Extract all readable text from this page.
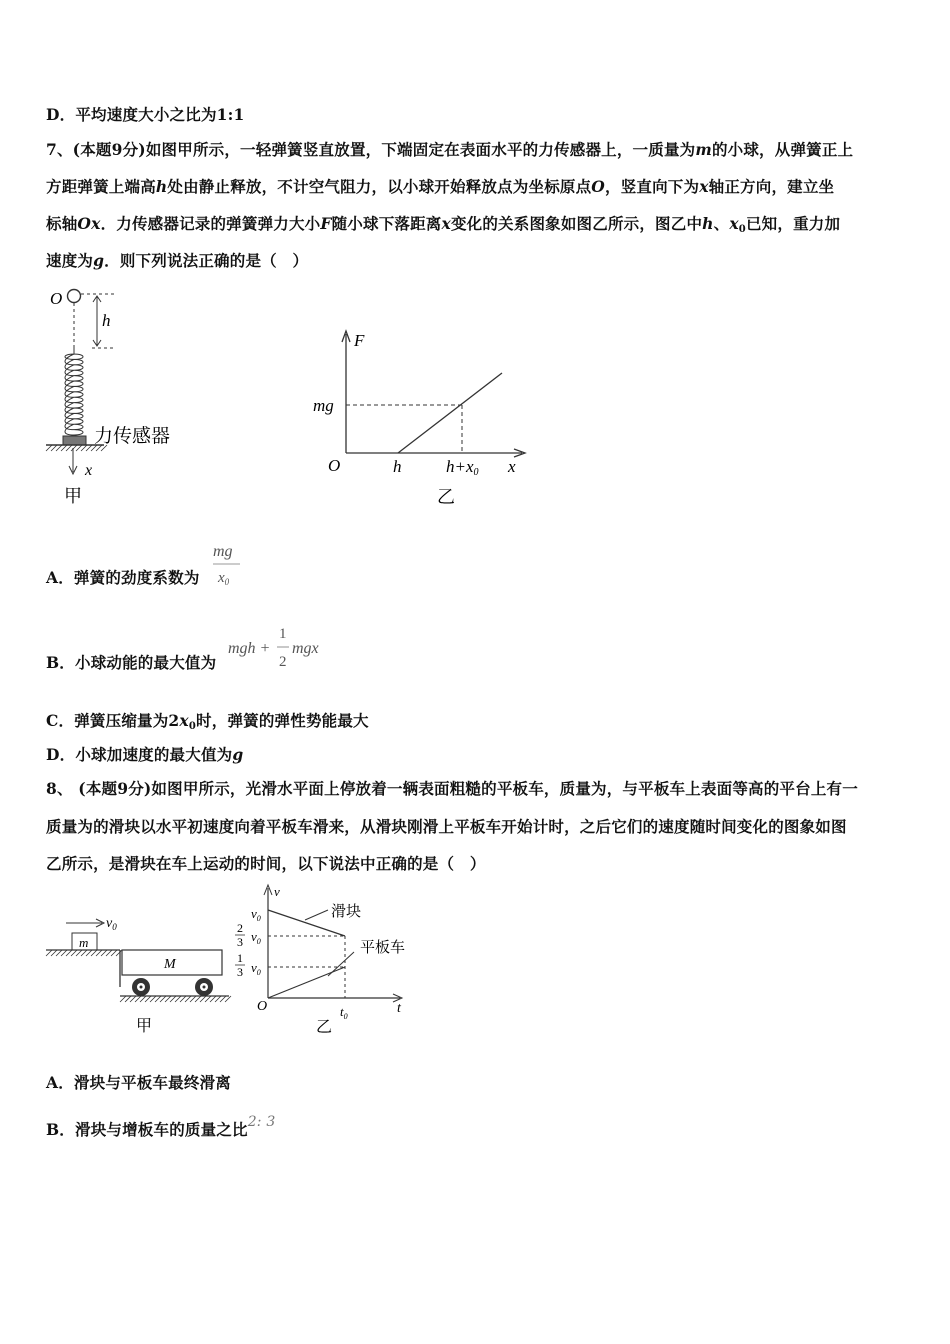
D．平均速度大小之比为1:1
7、(本题9分)如图甲所示，一轻弹簧竖直放置，下端固定在表面水平的力传感器上，一质量为m的小球，从弹簧正上
方距弹簧上端高h处由静止释放，不计空气阻力，以小球开始释放点为坐标原点O，竖直向下为x轴正方向，建立坐
标轴Ox．力传感器记录的弹簧弹力大小F随小球下落距离x变化的关系图象如图乙所示，图乙中h、$x_0$已知，重力加
速度为g．则下列说法正确的是（　）
O
h
力传感器
x
甲
F
mg
O	h	h+x0 x
乙
A．弹簧的劲度系数为
mg
$x_0$
B．小球动能的最大值为
mgh +
1
2
mgx
C．弹簧压缩量为$2x_0$时，弹簧的弹性势能最大
D．小球加速度的最大值为g
8、 (本题9分)如图甲所示，光滑水平面上停放着一辆表面粗糙的平板车，质量为，与平板车上表面等高的平台上有一
质量为的滑块以水平初速度向着平板车滑来，从滑块刚滑上平板车开始计时，之后它们的速度随时间变化的图象如图
乙所示，是滑块在车上运动的时间，以下说法中正确的是（　）
$v_0$
m
M
甲
v
$v_0$
2
3 $v_0$
1
3 $v_0$
滑块
平板车
O	$t_0$
t
乙
A．滑块与平板车最终滑离
B．滑块与增板车的质量之比2: 3
